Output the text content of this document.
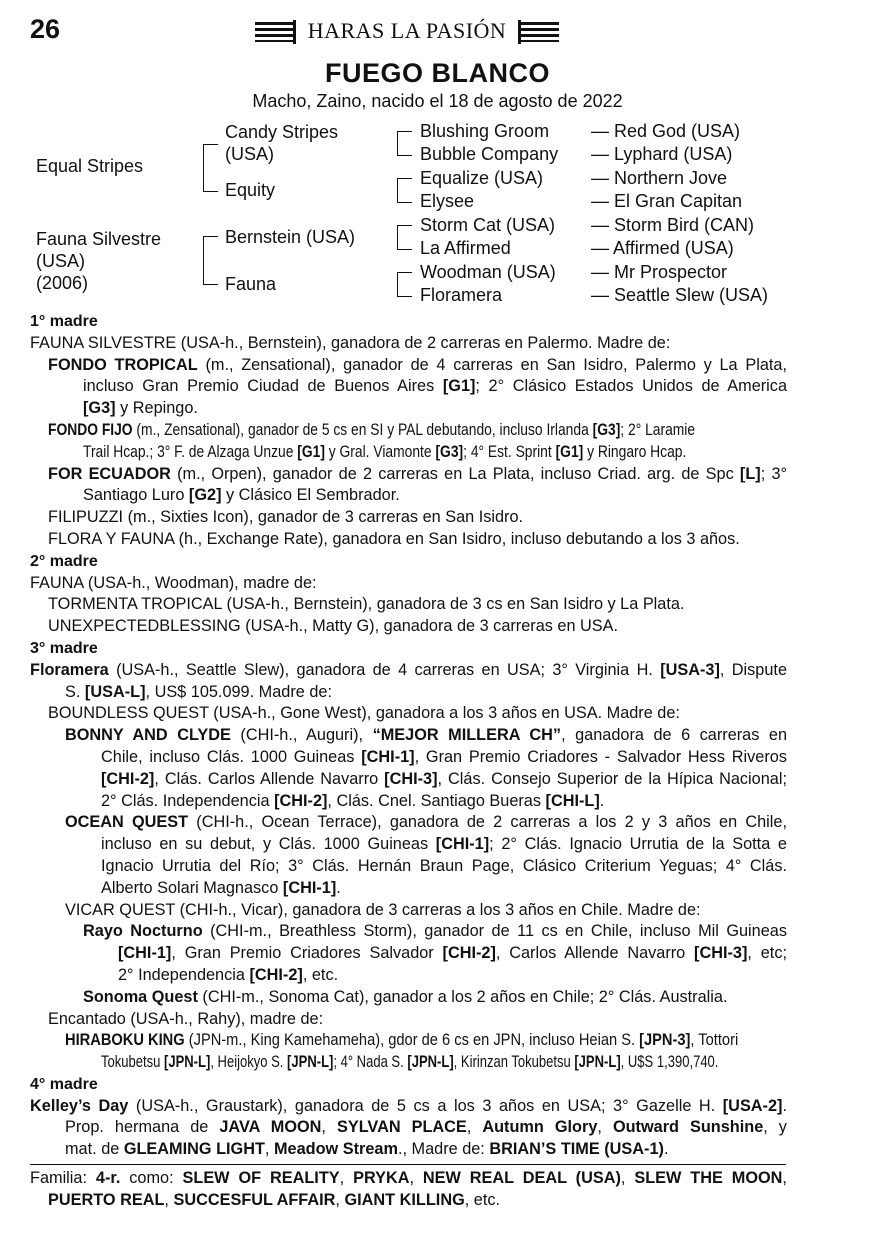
26	HARAS LA PASIÓN
FUEGO BLANCO
Macho, Zaino, nacido el 18 de agosto de 2022
Equal Stripes
Fauna Silvestre
(USA)
(2006)
Candy Stripes
(USA)
Equity
Bernstein (USA)
Fauna
Blushing Groom
Bubble Company
Equalize (USA)
Elysee
Storm Cat (USA)
La Affirmed
Woodman (USA)
Floramera
— Red God (USA)
— Lyphard (USA)
— Northern Jove
— El Gran Capitan
— Storm Bird (CAN)
— Affirmed (USA)
— Mr Prospector
— Seattle Slew (USA)
1° madre
FAUNA SILVESTRE (USA-h., Bernstein), ganadora de 2 carreras en Palermo. Madre de:
FONDO TROPICAL (m., Zensational), ganador de 4 carreras en San Isidro, Palermo y La Plata,
incluso Gran Premio Ciudad de Buenos Aires [G1]; 2° Clásico Estados Unidos de America
[G3] y Repingo.
FONDO FIJO (m., Zensational), ganador de 5 cs en SI y PAL debutando, incluso Irlanda [G3]; 2° Laramie
Trail Hcap.; 3° F. de Alzaga Unzue [G1] y Gral. Viamonte [G3]; 4° Est. Sprint [G1] y Ringaro Hcap.
FOR ECUADOR (m., Orpen), ganador de 2 carreras en La Plata, incluso Criad. arg. de Spc [L]; 3°
Santiago Luro [G2] y Clásico El Sembrador.
FILIPUZZI (m., Sixties Icon), ganador de 3 carreras en San Isidro.
FLORA Y FAUNA (h., Exchange Rate), ganadora en San Isidro, incluso debutando a los 3 años.
2° madre
FAUNA (USA-h., Woodman), madre de:
TORMENTA TROPICAL (USA-h., Bernstein), ganadora de 3 cs en San Isidro y La Plata.
UNEXPECTEDBLESSING (USA-h., Matty G), ganadora de 3 carreras en USA.
3° madre
Floramera (USA-h., Seattle Slew), ganadora de 4 carreras en USA; 3° Virginia H. [USA-3], Dispute
S. [USA-L], US$ 105.099. Madre de:
BOUNDLESS QUEST (USA-h., Gone West), ganadora a los 3 años en USA. Madre de:
BONNY AND CLYDE (CHI-h., Auguri), “MEJOR MILLERA CH”, ganadora de 6 carreras en
Chile, incluso Clás. 1000 Guineas [CHI-1], Gran Premio Criadores - Salvador Hess Riveros
[CHI-2], Clás. Carlos Allende Navarro [CHI-3], Clás. Consejo Superior de la Hípica Nacional;
2° Clás. Independencia [CHI-2], Clás. Cnel. Santiago Bueras [CHI-L].
OCEAN QUEST (CHI-h., Ocean Terrace), ganadora de 2 carreras a los 2 y 3 años en Chile,
incluso en su debut, y Clás. 1000 Guineas [CHI-1]; 2° Clás. Ignacio Urrutia de la Sotta e
Ignacio Urrutia del Río; 3° Clás. Hernán Braun Page, Clásico Criterium Yeguas; 4° Clás.
Alberto Solari Magnasco [CHI-1].
VICAR QUEST (CHI-h., Vicar), ganadora de 3 carreras a los 3 años en Chile. Madre de:
Rayo Nocturno (CHI-m., Breathless Storm), ganador de 11 cs en Chile, incluso Mil Guineas
[CHI-1], Gran Premio Criadores Salvador [CHI-2], Carlos Allende Navarro [CHI-3], etc;
2° Independencia [CHI-2], etc.
Sonoma Quest (CHI-m., Sonoma Cat), ganador a los 2 años en Chile; 2° Clás. Australia.
Encantado (USA-h., Rahy), madre de:
HIRABOKU KING (JPN-m., King Kamehameha), gdor de 6 cs en JPN, incluso Heian S. [JPN-3], Tottori
Tokubetsu [JPN-L], Heijokyo S. [JPN-L]; 4° Nada S. [JPN-L], Kirinzan Tokubetsu [JPN-L], U$S 1,390,740.
4° madre
Kelley’s Day (USA-h., Graustark), ganadora de 5 cs a los 3 años en USA; 3° Gazelle H. [USA-2].
Prop. hermana de JAVA MOON, SYLVAN PLACE, Autumn Glory, Outward Sunshine, y
mat. de GLEAMING LIGHT, Meadow Stream., Madre de: BRIAN’S TIME (USA-1).
Familia: 4-r. como: SLEW OF REALITY, PRYKA, NEW REAL DEAL (USA), SLEW THE MOON,
PUERTO REAL, SUCCESFUL AFFAIR, GIANT KILLING, etc.
